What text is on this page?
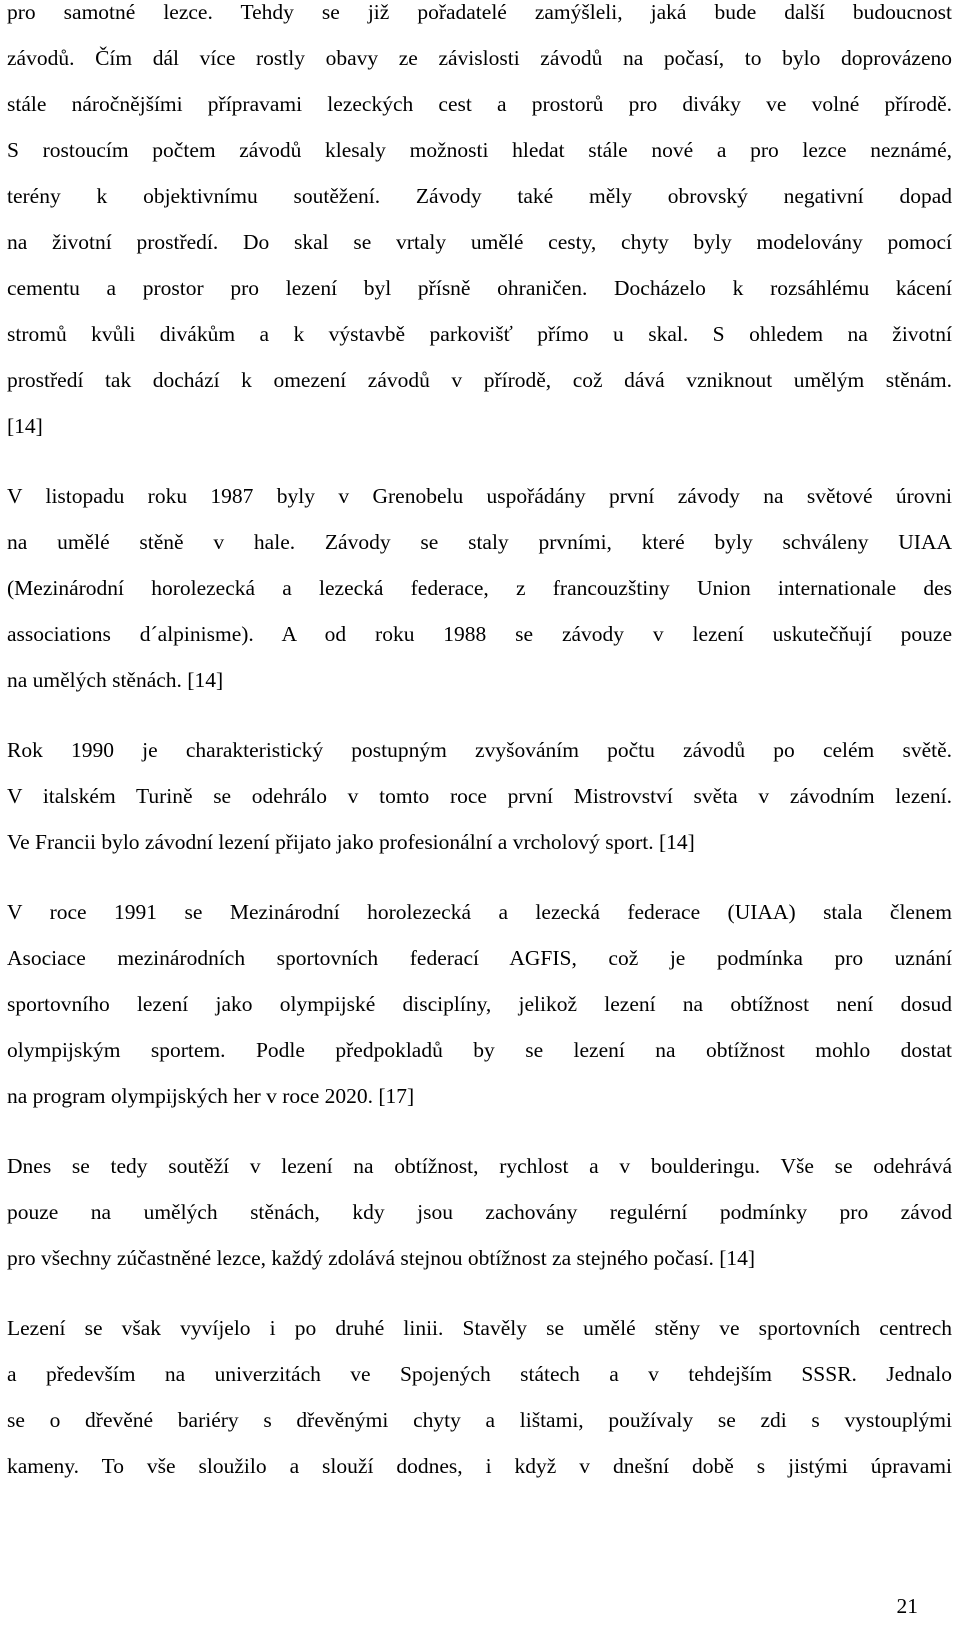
pro samotné lezce. Tehdy se již pořadatelé zamýšleli, jaká bude další budoucnost
závodů. Čím dál více rostly obavy ze závislosti závodů na počasí, to bylo doprovázeno
stále náročnějšími přípravami lezeckých cest a prostorů pro diváky ve volné přírodě.
S rostoucím počtem závodů klesaly možnosti hledat stále nové a pro lezce neznámé,
terény k objektivnímu soutěžení. Závody také měly obrovský negativní dopad
na životní prostředí. Do skal se vrtaly umělé cesty, chyty byly modelovány pomocí
cementu a prostor pro lezení byl přísně ohraničen. Docházelo k rozsáhlému kácení
stromů kvůli divákům a k výstavbě parkovišť přímo u skal. S ohledem na životní
prostředí tak dochází k omezení závodů v přírodě, což dává vzniknout umělým stěnám.
[14]
V listopadu roku 1987 byly v Grenobelu uspořádány první závody na světové úrovni
na umělé stěně v hale. Závody se staly prvními, které byly schváleny UIAA
(Mezinárodní horolezecká a lezecká federace, z francouzštiny Union internationale des
associations d´alpinisme). A od roku 1988 se závody v lezení uskutečňují pouze
na umělých stěnách. [14]
Rok 1990 je charakteristický postupným zvyšováním počtu závodů po celém světě.
V italském Turině se odehrálo v tomto roce první Mistrovství světa v závodním lezení.
Ve Francii bylo závodní lezení přijato jako profesionální a vrcholový sport. [14]
V roce 1991 se Mezinárodní horolezecká a lezecká federace (UIAA) stala členem
Asociace mezinárodních sportovních federací AGFIS, což je podmínka pro uznání
sportovního lezení jako olympijské disciplíny, jelikož lezení na obtížnost není dosud
olympijským sportem. Podle předpokladů by se lezení na obtížnost mohlo dostat
na program olympijských her v roce 2020. [17]
Dnes se tedy soutěží v lezení na obtížnost, rychlost a v boulderingu. Vše se odehrává
pouze na umělých stěnách, kdy jsou zachovány regulérní podmínky pro závod
pro všechny zúčastněné lezce, každý zdolává stejnou obtížnost za stejného počasí. [14]
Lezení se však vyvíjelo i po druhé linii. Stavěly se umělé stěny ve sportovních centrech
a především na univerzitách ve Spojených státech a v tehdejším SSSR. Jednalo
se o dřevěné bariéry s dřevěnými chyty a lištami, používaly se zdi s vystouplými
kameny. To vše sloužilo a slouží dodnes, i když v dnešní době s jistými úpravami
21
